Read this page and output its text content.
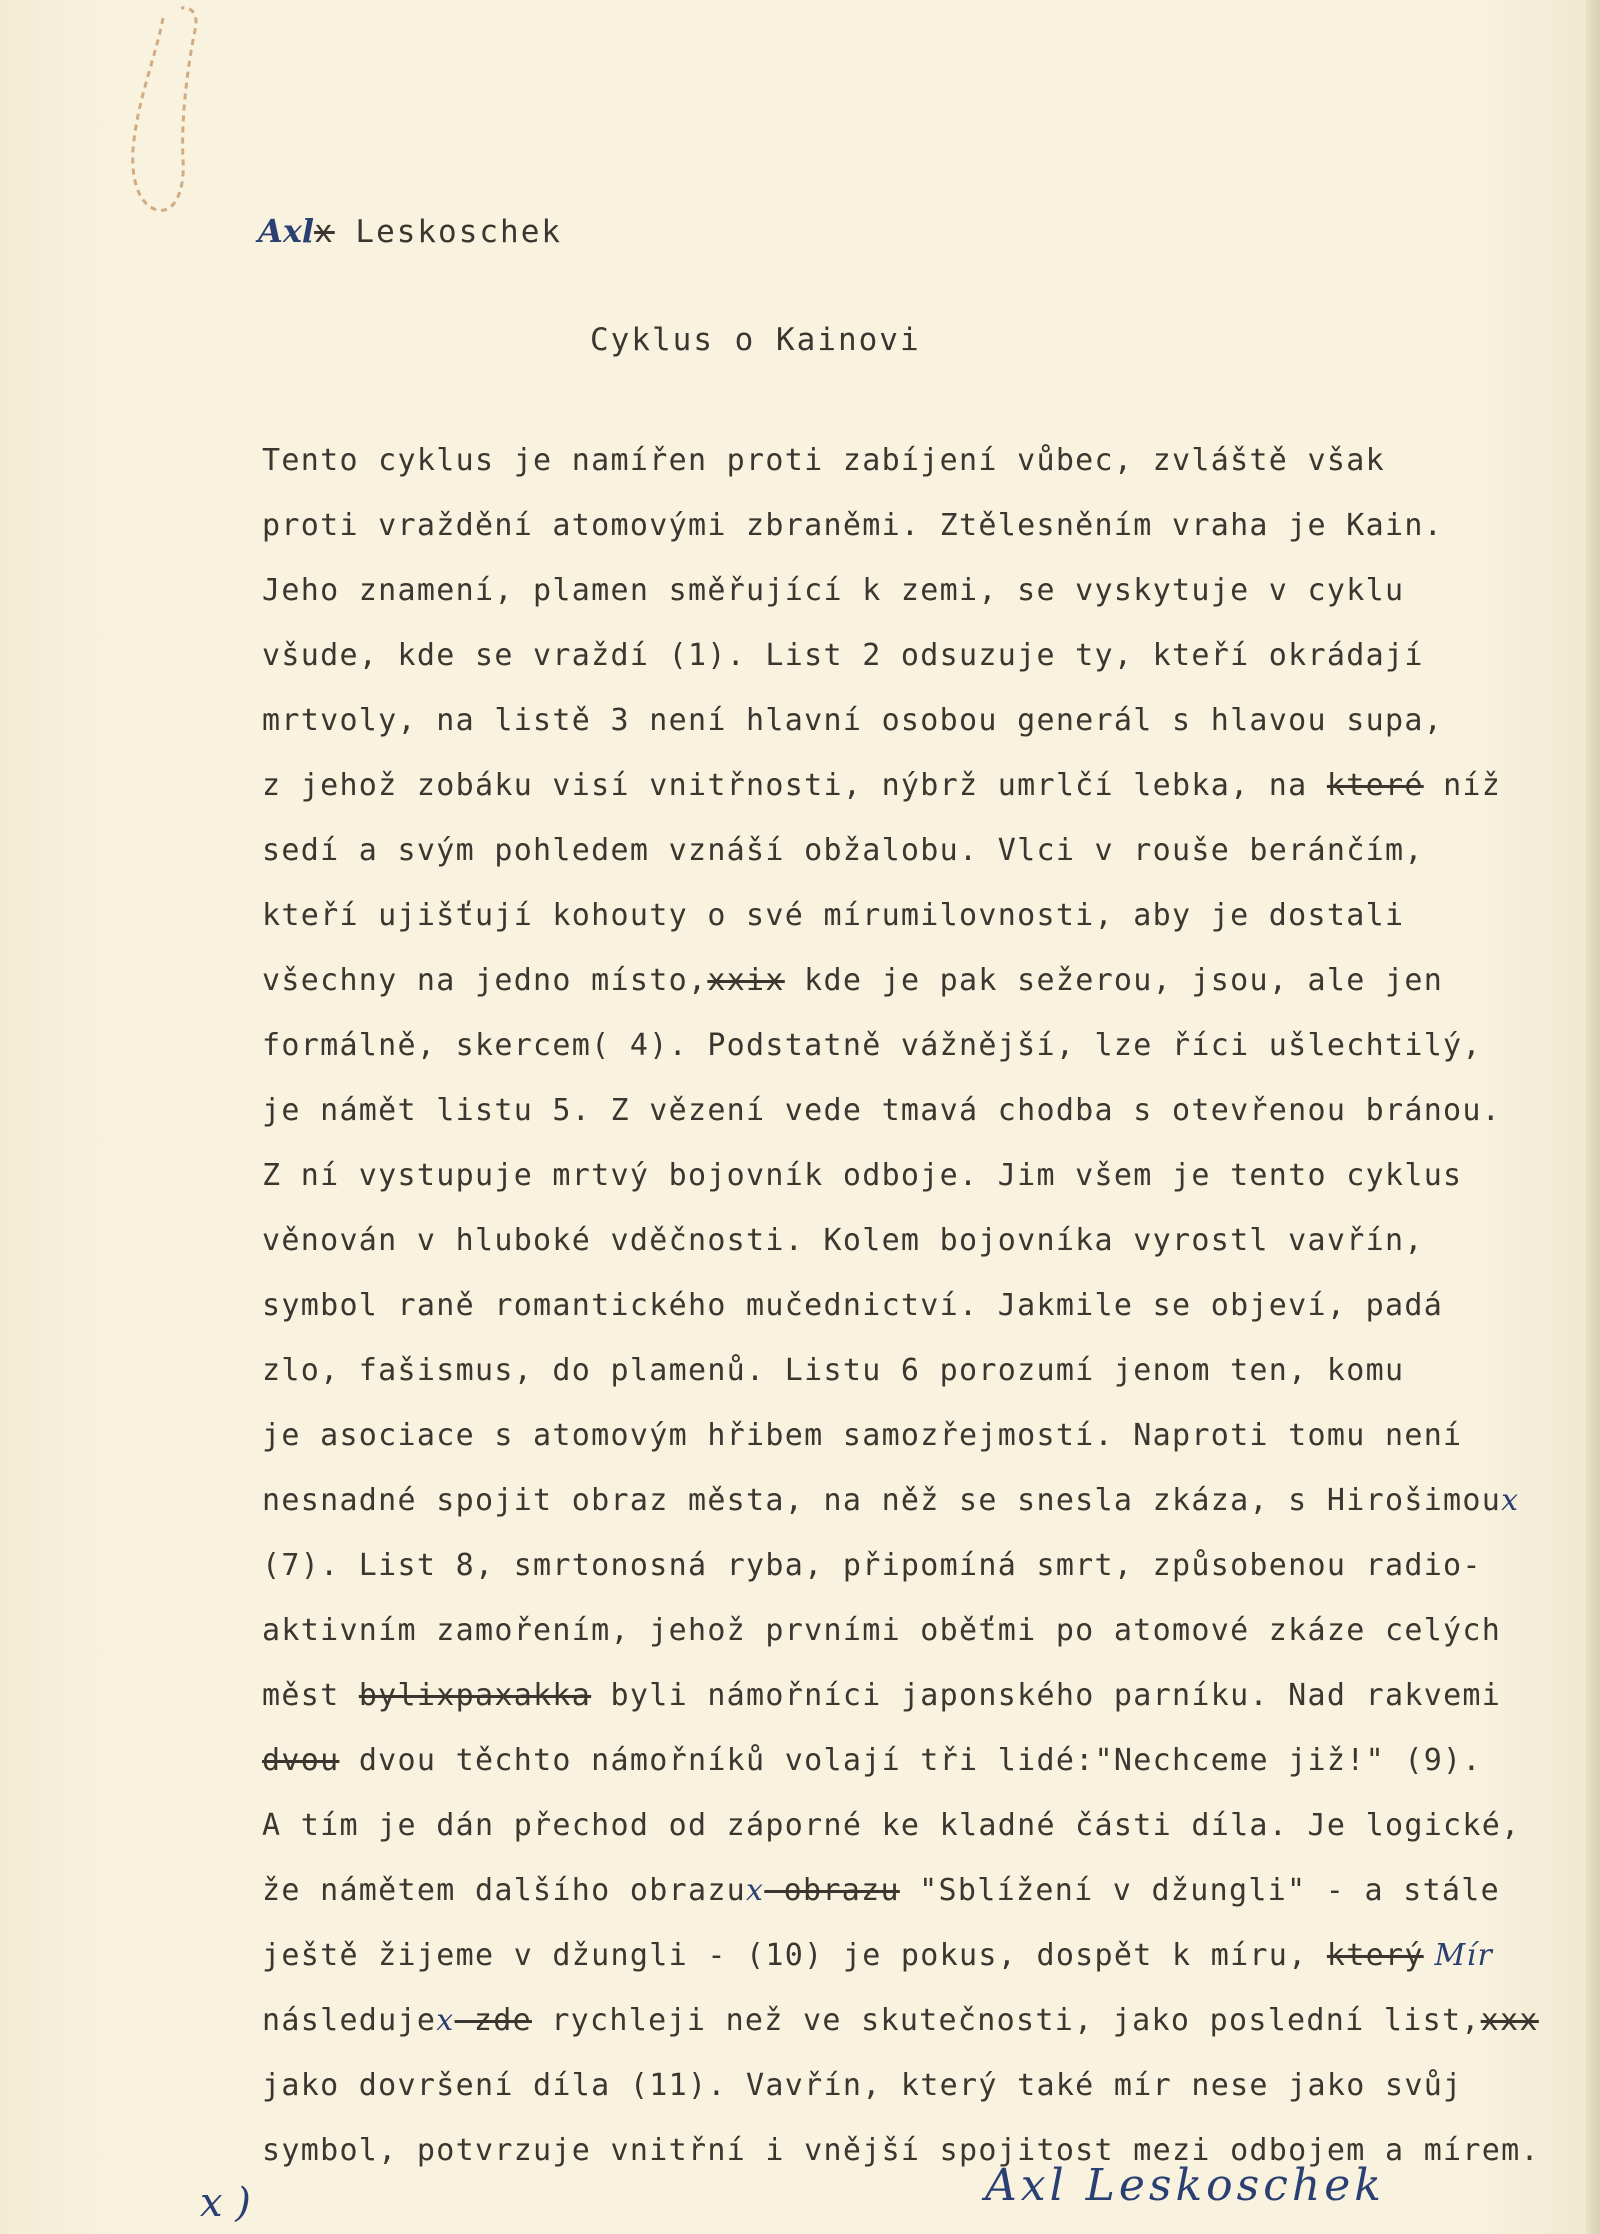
Axlx Leskoschek
Cyklus o Kainovi
Tento cyklus je namířen proti zabíjení vůbec, zvláště však
proti vraždění atomovými zbraněmi. Ztělesněním vraha je Kain.
Jeho znamení, plamen směřující k zemi, se vyskytuje v cyklu
všude, kde se vraždí (1). List 2 odsuzuje ty, kteří okrádají
mrtvoly, na listě 3 není hlavní osobou generál s hlavou supa,
z jehož zobáku visí vnitřnosti, nýbrž umrlčí lebka, na které níž
sedí a svým pohledem vznáší obžalobu. Vlci v rouše beránčím,
kteří ujišťují kohouty o své mírumilovnosti, aby je dostali
všechny na jedno místo,xxix kde je pak sežerou, jsou, ale jen
formálně, skercem( 4). Podstatně vážnější, lze říci ušlechtilý,
je námět listu 5. Z vězení vede tmavá chodba s otevřenou bránou.
Z ní vystupuje mrtvý bojovník odboje. Jim všem je tento cyklus
věnován v hluboké vděčnosti. Kolem bojovníka vyrostl vavřín,
symbol raně romantického mučednictví. Jakmile se objeví, padá
zlo, fašismus, do plamenů. Listu 6 porozumí jenom ten, komu
je asociace s atomovým hřibem samozřejmostí. Naproti tomu není
nesnadné spojit obraz města, na něž se snesla zkáza, s Hirošimoux
(7). List 8, smrtonosná ryba, připomíná smrt, způsobenou radio-
aktivním zamořením, jehož prvními oběťmi po atomové zkáze celých
měst bylixpaxakka byli námořníci japonského parníku. Nad rakvemi
dvou dvou těchto námořníků volají tři lidé:"Nechceme již!" (9).
A tím je dán přechod od záporné ke kladné části díla. Je logické,
že námětem dalšího obrazux obrazu "Sblížení v džungli" - a stále
ještě žijeme v džungli - (10) je pokus, dospět k míru, který Mír
následujex zde rychleji než ve skutečnosti, jako poslední list,xxx
jako dovršení díla (11). Vavřín, který také mír nese jako svůj
symbol, potvrzuje vnitřní i vnější spojitost mezi odbojem a mírem.
x )	Axl Leskoschek
